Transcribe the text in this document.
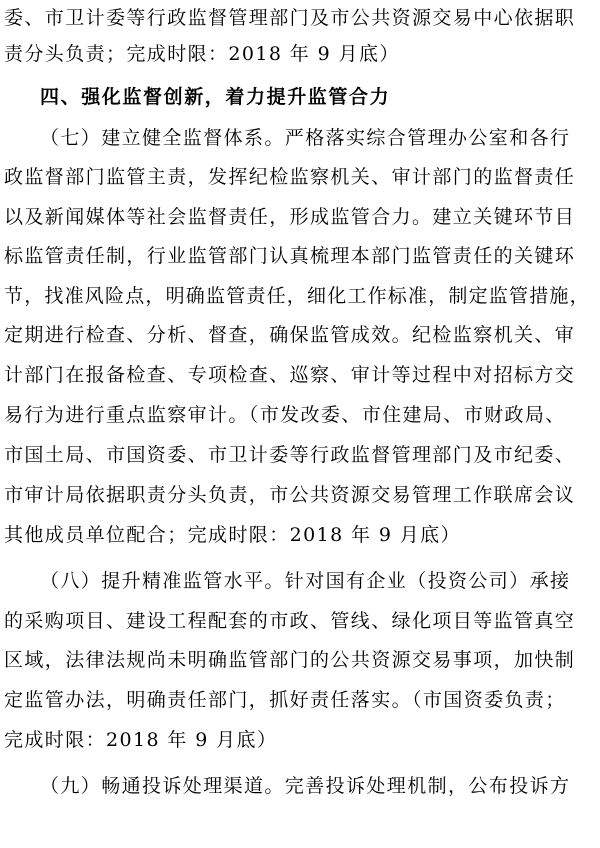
委、市卫计委等行政监督管理部门及市公共资源交易中心依据职
责分头负责；完成时限：2018 年 9 月底）
四、强化监督创新，着力提升监管合力
（七）建立健全监督体系。严格落实综合管理办公室和各行
政监督部门监管主责，发挥纪检监察机关、审计部门的监督责任
以及新闻媒体等社会监督责任，形成监管合力。建立关键环节目
标监管责任制，行业监管部门认真梳理本部门监管责任的关键环
节，找准风险点，明确监管责任，细化工作标准，制定监管措施，
定期进行检查、分析、督查，确保监管成效。纪检监察机关、审
计部门在报备检查、专项检查、巡察、审计等过程中对招标方交
易行为进行重点监察审计。（市发改委、市住建局、市财政局、
市国土局、市国资委、市卫计委等行政监督管理部门及市纪委、
市审计局依据职责分头负责，市公共资源交易管理工作联席会议
其他成员单位配合；完成时限：2018 年 9 月底）
（八）提升精准监管水平。针对国有企业（投资公司）承接
的采购项目、建设工程配套的市政、管线、绿化项目等监管真空
区域，法律法规尚未明确监管部门的公共资源交易事项，加快制
定监管办法，明确责任部门，抓好责任落实。（市国资委负责；
完成时限：2018 年 9 月底）
（九）畅通投诉处理渠道。完善投诉处理机制，公布投诉方
